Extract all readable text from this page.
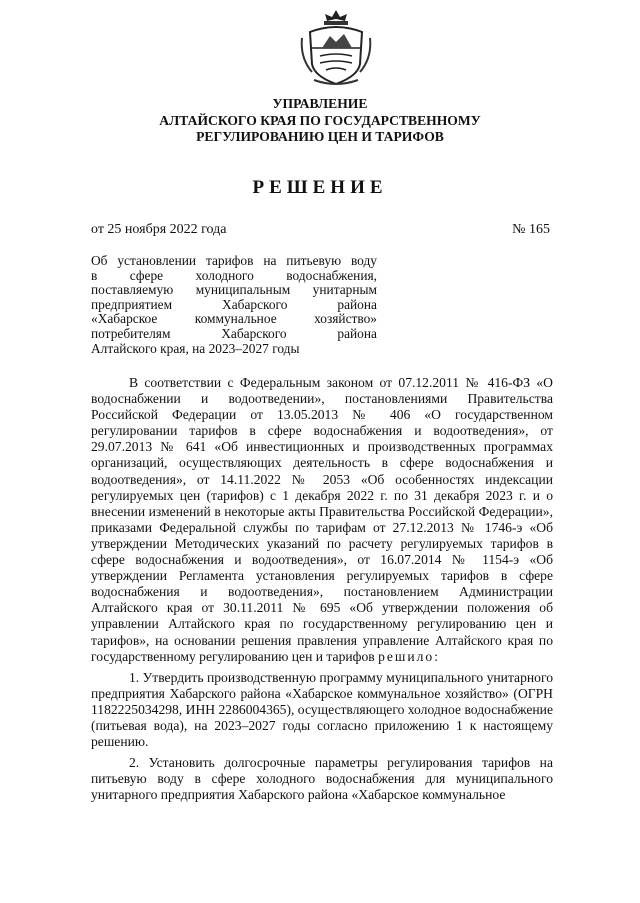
УПРАВЛЕНИЕ
АЛТАЙСКОГО КРАЯ ПО ГОСУДАРСТВЕННОМУ
РЕГУЛИРОВАНИЮ ЦЕН И ТАРИФОВ
РЕШЕНИЕ
от 25 ноября 2022 года	№ 165
Об установлении тарифов на питьевую воду
в сфере холодного водоснабжения,
поставляемую муниципальным унитарным
предприятием Хабарского района
«Хабарское коммунальное хозяйство»
потребителям Хабарского района
Алтайского края, на 2023–2027 годы

В соответствии с Федеральным законом от 07.12.2011 № 416-ФЗ «О водоснабжении и водоотведении», постановлениями Правительства Российской Федерации от 13.05.2013 № 406 «О государственном регулировании тарифов в сфере водоснабжения и водоотведения», от 29.07.2013 № 641 «Об инвестиционных и производственных программах организаций, осуществляющих деятельность в сфере водоснабжения и водоотведения», от 14.11.2022 № 2053 «Об особенностях индексации регулируемых цен (тарифов) с 1 декабря 2022 г. по 31 декабря 2023 г. и о внесении изменений в некоторые акты Правительства Российской Федерации», приказами Федеральной службы по тарифам от 27.12.2013 № 1746-э «Об утверждении Методических указаний по расчету регулируемых тарифов в сфере водоснабжения и водоотведения», от 16.07.2014 № 1154-э «Об утверждении Регламента установления регулируемых тарифов в сфере водоснабжения и водоотведения», постановлением Администрации Алтайского края от 30.11.2011 № 695 «Об утверждении положения об управлении Алтайского края по государственному регулированию цен и тарифов», на основании решения правления управление Алтайского края по государственному регулированию цен и тарифов решило:

1. Утвердить производственную программу муниципального унитарного предприятия Хабарского района «Хабарское коммунальное хозяйство» (ОГРН 1182225034298, ИНН 2286004365), осуществляющего холодное водоснабжение (питьевая вода), на 2023–2027 годы согласно приложению 1 к настоящему решению.

2. Установить долгосрочные параметры регулирования тарифов на питьевую воду в сфере холодного водоснабжения для муниципального унитарного предприятия Хабарского района «Хабарское коммунальное
